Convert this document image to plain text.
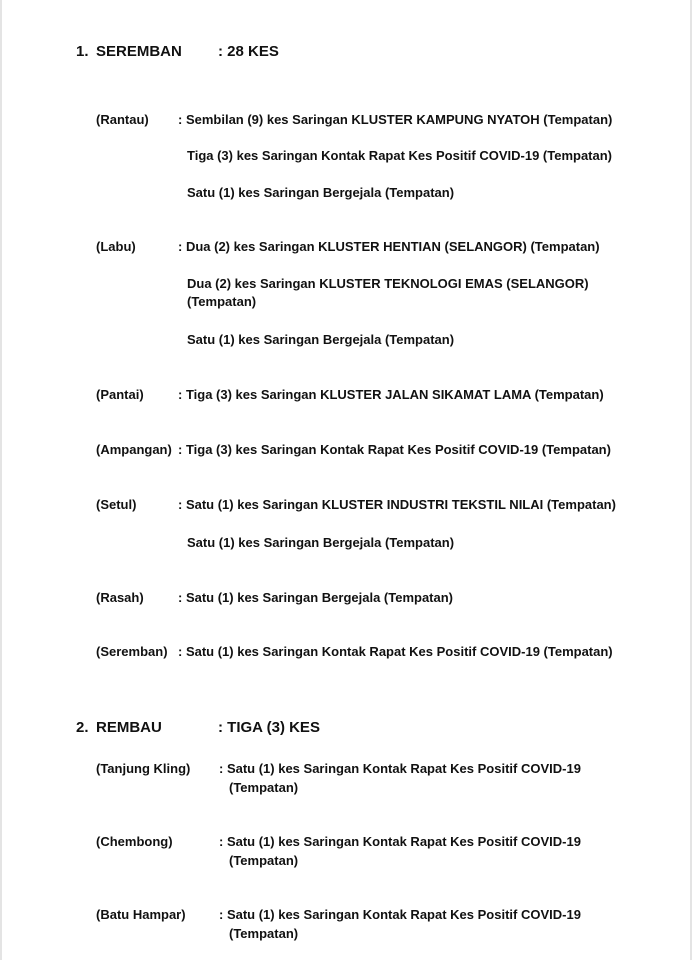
1. SEREMBAN : 28 KES
(Rantau) : Sembilan (9) kes Saringan KLUSTER KAMPUNG NYATOH (Tempatan)
Tiga (3) kes Saringan Kontak Rapat Kes Positif COVID-19 (Tempatan)
Satu (1) kes Saringan Bergejala (Tempatan)
(Labu)	: Dua (2) kes Saringan KLUSTER HENTIAN (SELANGOR) (Tempatan)
Dua (2) kes Saringan KLUSTER TEKNOLOGI EMAS (SELANGOR) (Tempatan)
Satu (1) kes Saringan Bergejala (Tempatan)
(Pantai)	: Tiga (3) kes Saringan KLUSTER JALAN SIKAMAT LAMA (Tempatan)
(Ampangan) : Tiga (3) kes Saringan Kontak Rapat Kes Positif COVID-19 (Tempatan)
(Setul)	: Satu (1) kes Saringan KLUSTER INDUSTRI TEKSTIL NILAI (Tempatan)
Satu (1) kes Saringan Bergejala (Tempatan)
(Rasah)	: Satu (1) kes Saringan Bergejala (Tempatan)
(Seremban) : Satu (1) kes Saringan Kontak Rapat Kes Positif COVID-19 (Tempatan)
2. REMBAU	: TIGA (3) KES
(Tanjung Kling) : Satu (1) kes Saringan Kontak Rapat Kes Positif COVID-19
(Tempatan)
(Chembong)	: Satu (1) kes Saringan Kontak Rapat Kes Positif COVID-19
(Tempatan)
(Batu Hampar)	: Satu (1) kes Saringan Kontak Rapat Kes Positif COVID-19
(Tempatan)
